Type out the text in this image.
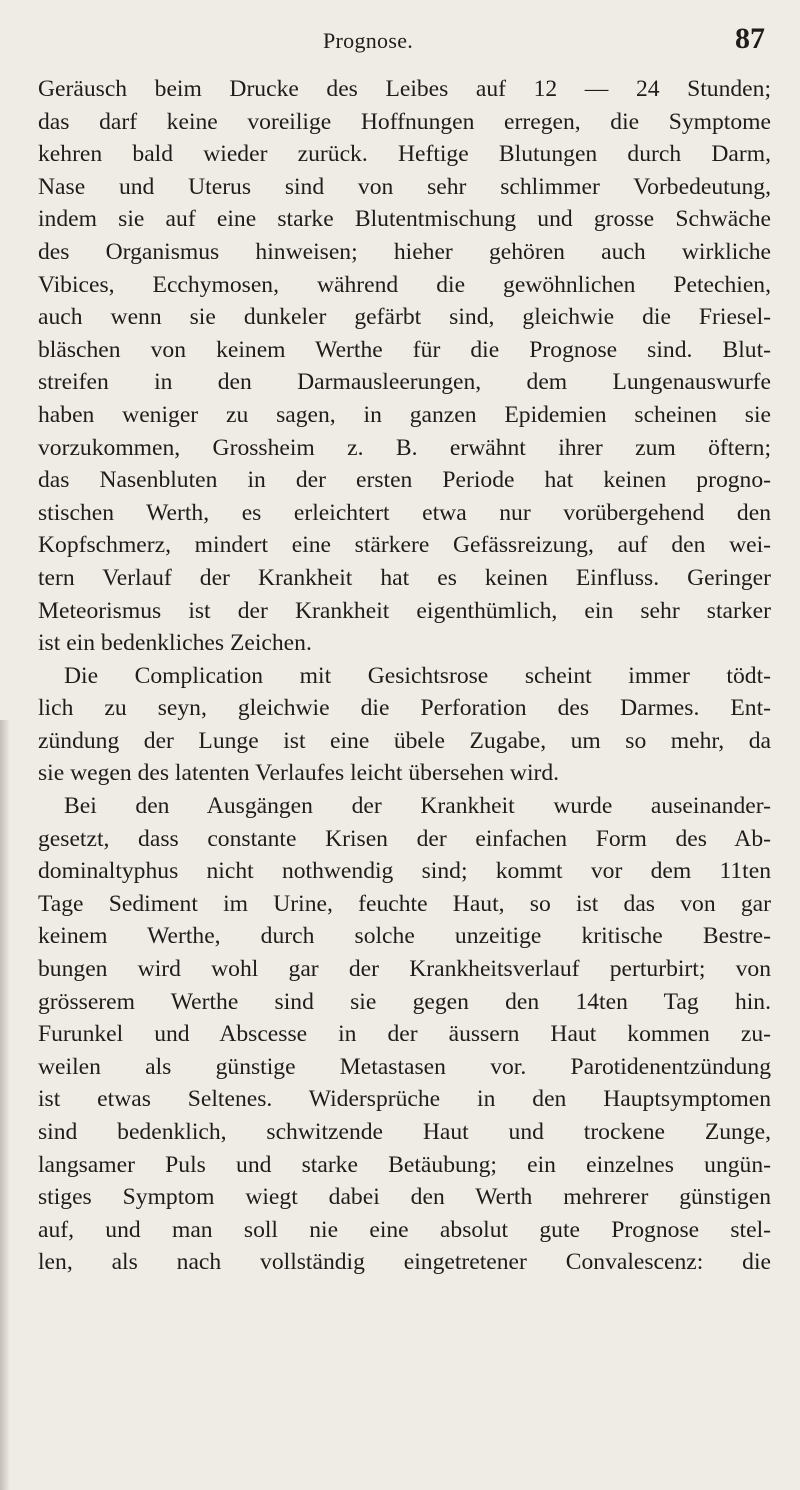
Prognose.	87
Geräusch beim Drucke des Leibes auf 12 — 24 Stunden;
das darf keine voreilige Hoffnungen erregen, die Symptome
kehren bald wieder zurück. Heftige Blutungen durch Darm,
Nase und Uterus sind von sehr schlimmer Vorbedeutung,
indem sie auf eine starke Blutentmischung und grosse Schwäche
des Organismus hinweisen; hieher gehören auch wirkliche
Vibices, Ecchymosen, während die gewöhnlichen Petechien,
auch wenn sie dunkeler gefärbt sind, gleichwie die Friesel-
bläschen von keinem Werthe für die Prognose sind. Blut-
streifen in den Darmausleerungen, dem Lungenauswurfe
haben weniger zu sagen, in ganzen Epidemien scheinen sie
vorzukommen, Grossheim z. B. erwähnt ihrer zum öftern;
das Nasenbluten in der ersten Periode hat keinen progno-
stischen Werth, es erleichtert etwa nur vorübergehend den
Kopfschmerz, mindert eine stärkere Gefässreizung, auf den wei-
tern Verlauf der Krankheit hat es keinen Einfluss. Geringer
Meteorismus ist der Krankheit eigenthümlich, ein sehr starker
ist ein bedenkliches Zeichen.
Die Complication mit Gesichtsrose scheint immer tödt-
lich zu seyn, gleichwie die Perforation des Darmes. Ent-
zündung der Lunge ist eine übele Zugabe, um so mehr, da
sie wegen des latenten Verlaufes leicht übersehen wird.
Bei den Ausgängen der Krankheit wurde auseinander-
gesetzt, dass constante Krisen der einfachen Form des Ab-
dominaltyphus nicht nothwendig sind; kommt vor dem 11ten
Tage Sediment im Urine, feuchte Haut, so ist das von gar
keinem Werthe, durch solche unzeitige kritische Bestre-
bungen wird wohl gar der Krankheitsverlauf perturbirt; von
grösserem Werthe sind sie gegen den 14ten Tag hin.
Furunkel und Abscesse in der äussern Haut kommen zu-
weilen als günstige Metastasen vor. Parotidenentzündung
ist etwas Seltenes. Widersprüche in den Hauptsymptomen
sind bedenklich, schwitzende Haut und trockene Zunge,
langsamer Puls und starke Betäubung; ein einzelnes ungün-
stiges Symptom wiegt dabei den Werth mehrerer günstigen
auf, und man soll nie eine absolut gute Prognose stel-
len, als nach vollständig eingetretener Convalescenz: die
